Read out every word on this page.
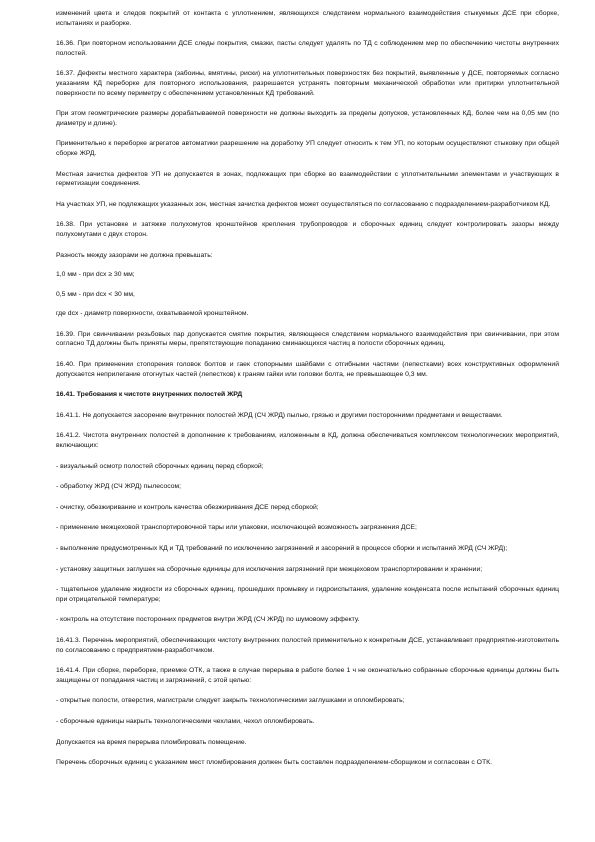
изменений цвета и следов покрытий от контакта с уплотнением, являющихся следствием нормального взаимодействия стыкуемых ДСЕ при сборке, испытаниях и разборке.

16.36. При повторном использовании ДСЕ следы покрытия, смазки, пасты следует удалять по ТД с соблюдением мер по обеспечению чистоты внутренних полостей.

16.37. Дефекты местного характера (забоины, вмятины, риски) на уплотнительных поверхностях без покрытий, выявленные у ДСЕ, повторяемых согласно указаниям КД переборке для повторного использования, разрешается устранять повторным механической обработки или притирки уплотнительной поверхности по всему периметру с обеспечением установленных КД требований.

При этом геометрические размеры дорабатываемой поверхности не должны выходить за пределы допусков, установленных КД, более чем на 0,05 мм (по диаметру и длине).

Применительно к переборке агрегатов автоматики разрешение на доработку УП следует относить к тем УП, по которым осуществляют стыковку при общей сборке ЖРД.

Местная зачистка дефектов УП не допускается в зонах, подлежащих при сборке во взаимодействии с уплотнительными элементами и участвующих в герметизации соединения.

На участках УП, не подлежащих указанных зон, местная зачистка дефектов может осуществляться по согласованию с подразделением-разработчиком КД.

16.38. При установке и затяжке полухомутов кронштейнов крепления трубопроводов и сборочных единиц следует контролировать зазоры между полухомутами с двух сторон.

Разность между зазорами не должна превышать:

1,0 мм - при dcx ≥ 30 мм;

0,5 мм - при dcx < 30 мм,

где dcx - диаметр поверхности, охватываемой кронштейном.

16.39. При свинчивании резьбовых пар допускается смятие покрытия, являющееся следствием нормального взаимодействия при свинчивании, при этом согласно ТД должны быть приняты меры, препятствующие попаданию сминающихся частиц в полости сборочных единиц.

16.40. При применении стопорения головок болтов и гаек стопорными шайбами с отгибными частями (лепестками) всех конструктивных оформлений допускается неприлегание отогнутых частей (лепестков) к граням гайки или головки болта, не превышающее 0,3 мм.

16.41. Требования к чистоте внутренних полостей ЖРД

16.41.1. Не допускается засорение внутренних полостей ЖРД (СЧ ЖРД) пылью, грязью и другими посторонними предметами и веществами.

16.41.2. Чистота внутренних полостей в дополнение к требованиям, изложенным в КД, должна обеспечиваться комплексом технологических мероприятий, включающих:

- визуальный осмотр полостей сборочных единиц перед сборкой;

- обработку ЖРД (СЧ ЖРД) пылесосом;

- очистку, обезжиривание и контроль качества обезжиривания ДСЕ перед сборкой;

- применение межцеховой транспортировочной тары или упаковки, исключающей возможность загрязнения ДСЕ;

- выполнение предусмотренных КД и ТД требований по исключению загрязнений и засорений в процессе сборки и испытаний ЖРД (СЧ ЖРД);

- установку защитных заглушек на сборочные единицы для исключения загрязнений при межцеховом транспортировании и хранении;

- тщательное удаление жидкости из сборочных единиц, прошедших промывку и гидроиспытания, удаление конденсата после испытаний сборочных единиц при отрицательной температуре;

- контроль на отсутствие посторонних предметов внутри ЖРД (СЧ ЖРД) по шумовому эффекту.

16.41.3. Перечень мероприятий, обеспечивающих чистоту внутренних полостей применительно к конкретным ДСЕ, устанавливает предприятие-изготовитель по согласованию с предприятием-разработчиком.

16.41.4. При сборке, переборке, приемке ОТК, а также в случае перерыва в работе более 1 ч не окончательно собранные сборочные единицы должны быть защищены от попадания частиц и загрязнений, с этой целью:

- открытые полости, отверстия, магистрали следует закрыть технологическими заглушками и опломбировать;

- сборочные единицы накрыть технологическими чехлами, чехол опломбировать.

Допускается на время перерыва пломбировать помещение.

Перечень сборочных единиц с указанием мест пломбирования должен быть составлен подразделением-сборщиком и согласован с ОТК.
